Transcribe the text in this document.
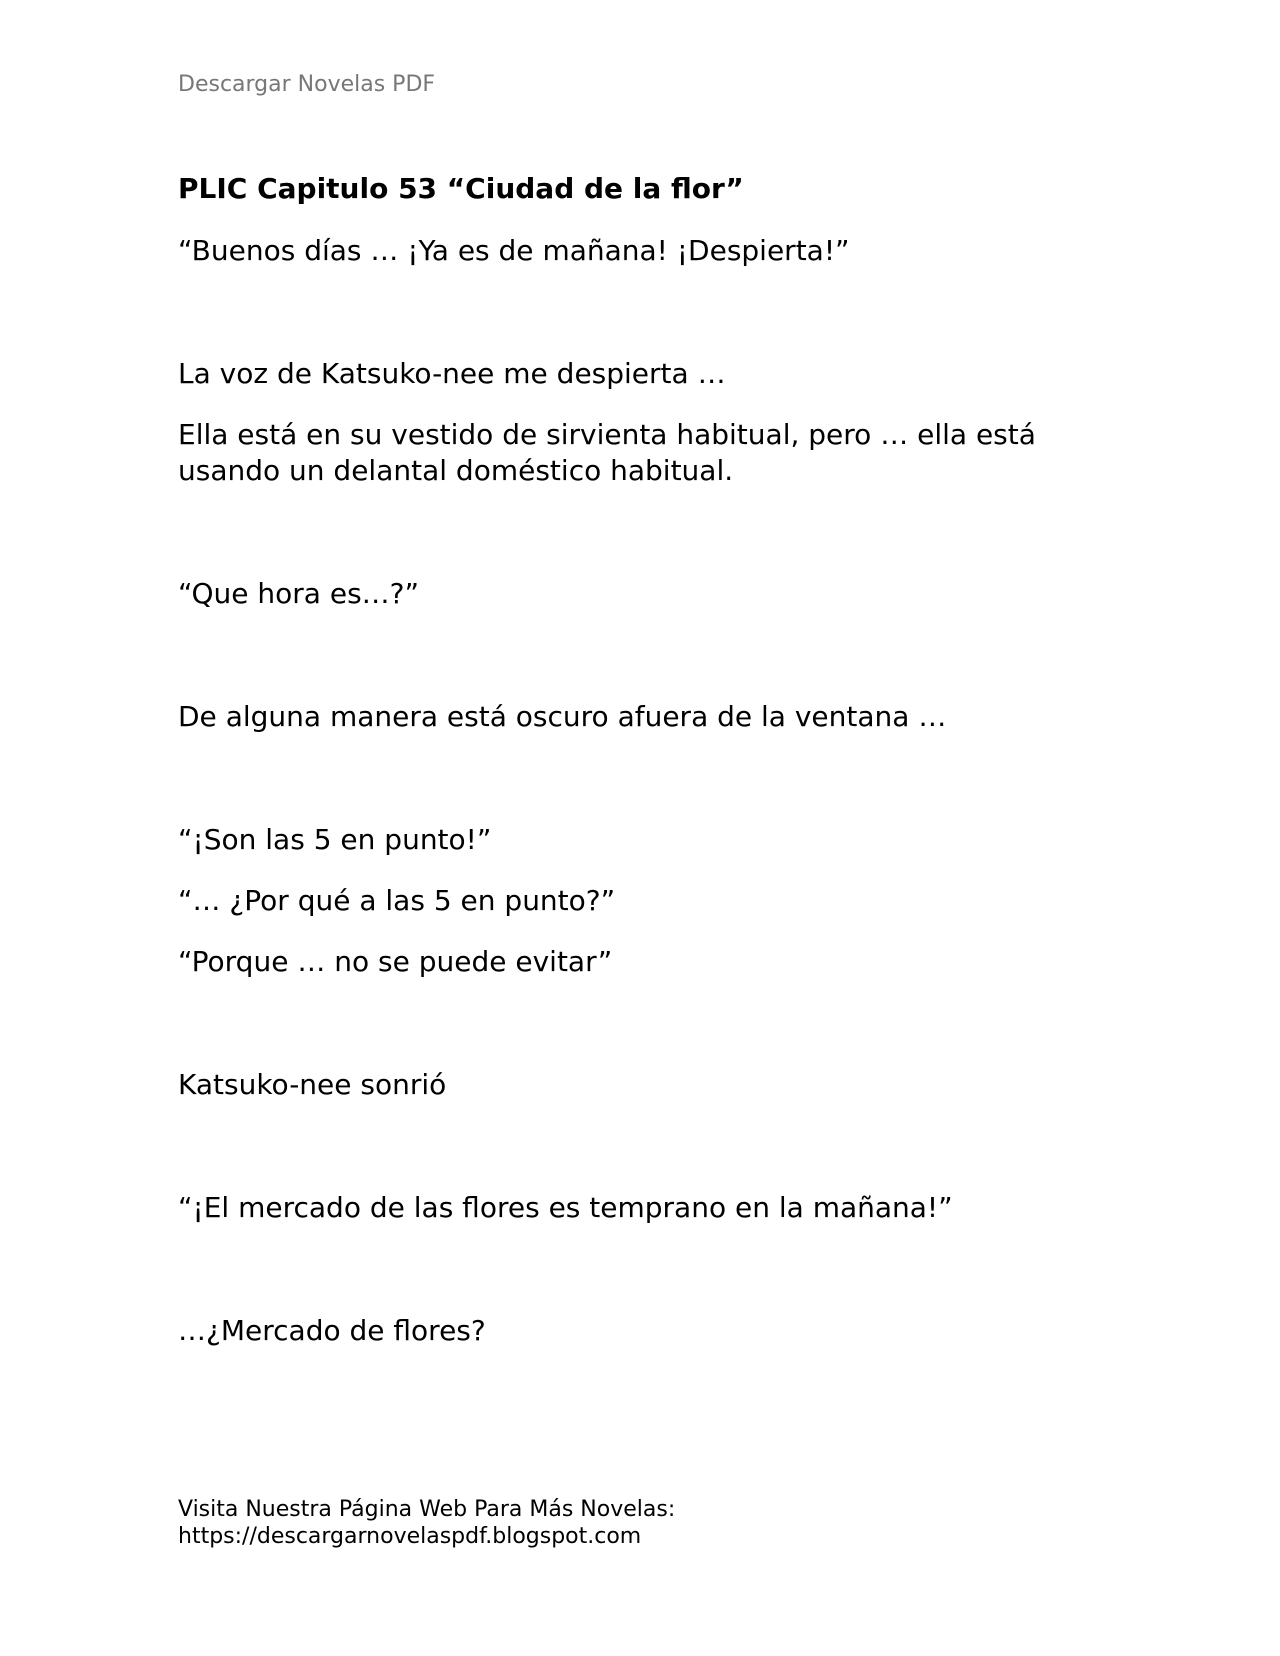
Descargar Novelas PDF
PLIC Capitulo 53 “Ciudad de la flor”
“Buenos días … ¡Ya es de mañana! ¡Despierta!”
La voz de Katsuko-nee me despierta …
Ella está en su vestido de sirvienta habitual, pero … ella está usando un delantal doméstico habitual.
“Que hora es…?”
De alguna manera está oscuro afuera de la ventana …
“¡Son las 5 en punto!”
“… ¿Por qué a las 5 en punto?”
“Porque … no se puede evitar”
Katsuko-nee sonrió
“¡El mercado de las flores es temprano en la mañana!”
…¿Mercado de flores?
Visita Nuestra Página Web Para Más Novelas:
https://descargarnovelaspdf.blogspot.com
